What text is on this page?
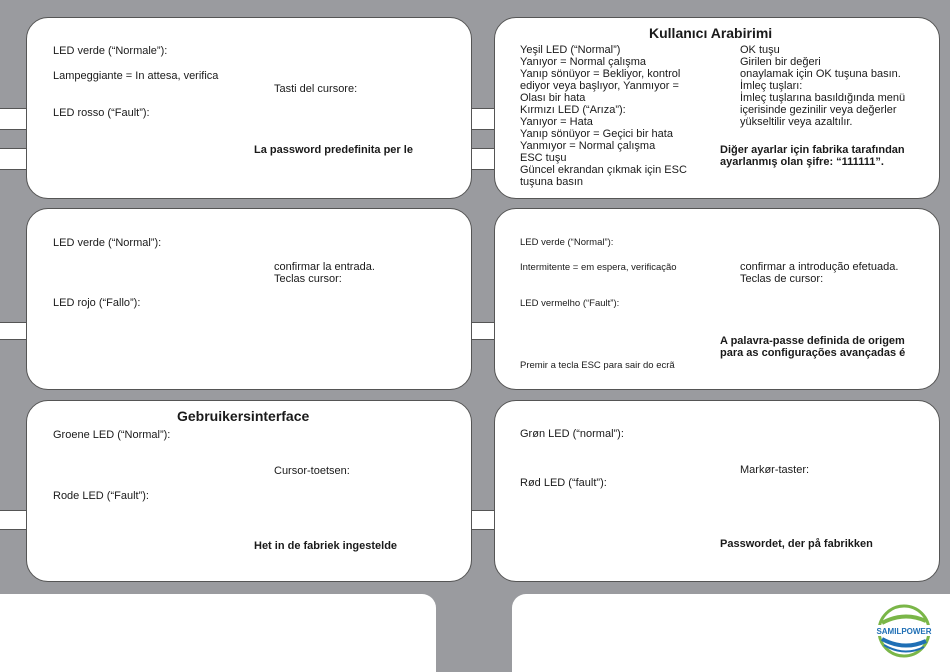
LED verde (“Normale”):
Lampeggiante = In attesa, verifica
Tasti del cursore:
LED rosso (“Fault”):
La password predefinita per le
Kullanıcı Arabirimi
Yeşil LED (“Normal”)
Yanıyor = Normal çalışma
Yanıp sönüyor = Bekliyor, kontrol
ediyor veya başlıyor, Yanmıyor =
Olası bir hata
Kırmızı LED (“Arıza”):
Yanıyor = Hata
Yanıp sönüyor = Geçici bir hata
Yanmıyor = Normal çalışma
ESC tuşu
Güncel ekrandan çıkmak için ESC
tuşuna basın
OK tuşu
Girilen bir değeri
onaylamak için OK tuşuna basın.
İmleç tuşları:
İmleç tuşlarına basıldığında menü
içerisinde gezinilir veya değerler
yükseltilir veya azaltılır.
Diğer ayarlar için fabrika tarafından
ayarlanmış olan şifre: “111111”.
LED verde (“Normal”):
confirmar la entrada.
Teclas cursor:
LED rojo (“Fallo”):
LED verde (“Normal”):
Intermitente = em espera, verificação	confirmar a introdução efetuada.
Teclas de cursor:
LED vermelho (“Fault”):
A palavra-passe definida de origem
para as configurações avançadas é
Premir a tecla ESC para sair do ecrã
Gebruikersinterface
Groene LED (“Normal”):
Cursor-toetsen:
Rode LED (“Fault”):
Het in de fabriek ingestelde
Grøn LED (“normal”):
Markør-taster:
Rød LED (“fault”):
Passwordet, der på fabrikken
SAMILPOWER
